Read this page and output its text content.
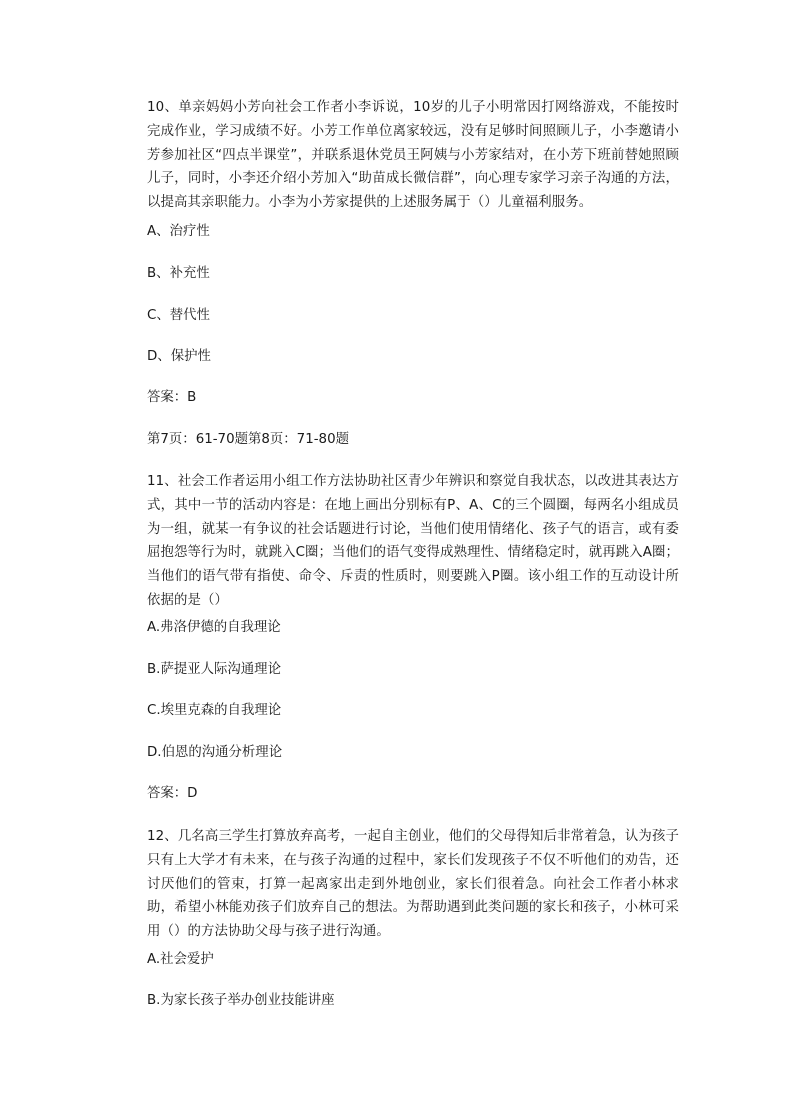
10、单亲妈妈小芳向社会工作者小李诉说，10岁的儿子小明常因打网络游戏，不能按时完成作业，学习成绩不好。小芳工作单位离家较远，没有足够时间照顾儿子，小李邀请小芳参加社区“四点半课堂”，并联系退休党员王阿姨与小芳家结对，在小芳下班前替她照顾儿子，同时，小李还介绍小芳加入“助苗成长微信群”，向心理专家学习亲子沟通的方法，以提高其亲职能力。小李为小芳家提供的上述服务属于（）儿童福利服务。

A、治疗性

B、补充性

C、替代性

D、保护性

答案：B

第7页：61-70题第8页：71-80题

11、社会工作者运用小组工作方法协助社区青少年辨识和察觉自我状态，以改进其表达方式，其中一节的活动内容是：在地上画出分别标有P、A、C的三个圆圈，每两名小组成员为一组，就某一有争议的社会话题进行讨论，当他们使用情绪化、孩子气的语言，或有委屈抱怨等行为时，就跳入C圈；当他们的语气变得成熟理性、情绪稳定时，就再跳入A圈；当他们的语气带有指使、命令、斥责的性质时，则要跳入P圈。该小组工作的互动设计所依据的是（）

A.弗洛伊德的自我理论

B.萨提亚人际沟通理论

C.埃里克森的自我理论

D.伯恩的沟通分析理论

答案：D

12、几名高三学生打算放弃高考，一起自主创业，他们的父母得知后非常着急，认为孩子只有上大学才有未来，在与孩子沟通的过程中，家长们发现孩子不仅不听他们的劝告，还讨厌他们的管束，打算一起离家出走到外地创业，家长们很着急。向社会工作者小林求助，希望小林能劝孩子们放弃自己的想法。为帮助遇到此类问题的家长和孩子，小林可采用（）的方法协助父母与孩子进行沟通。

A.社会爱护

B.为家长孩子举办创业技能讲座
